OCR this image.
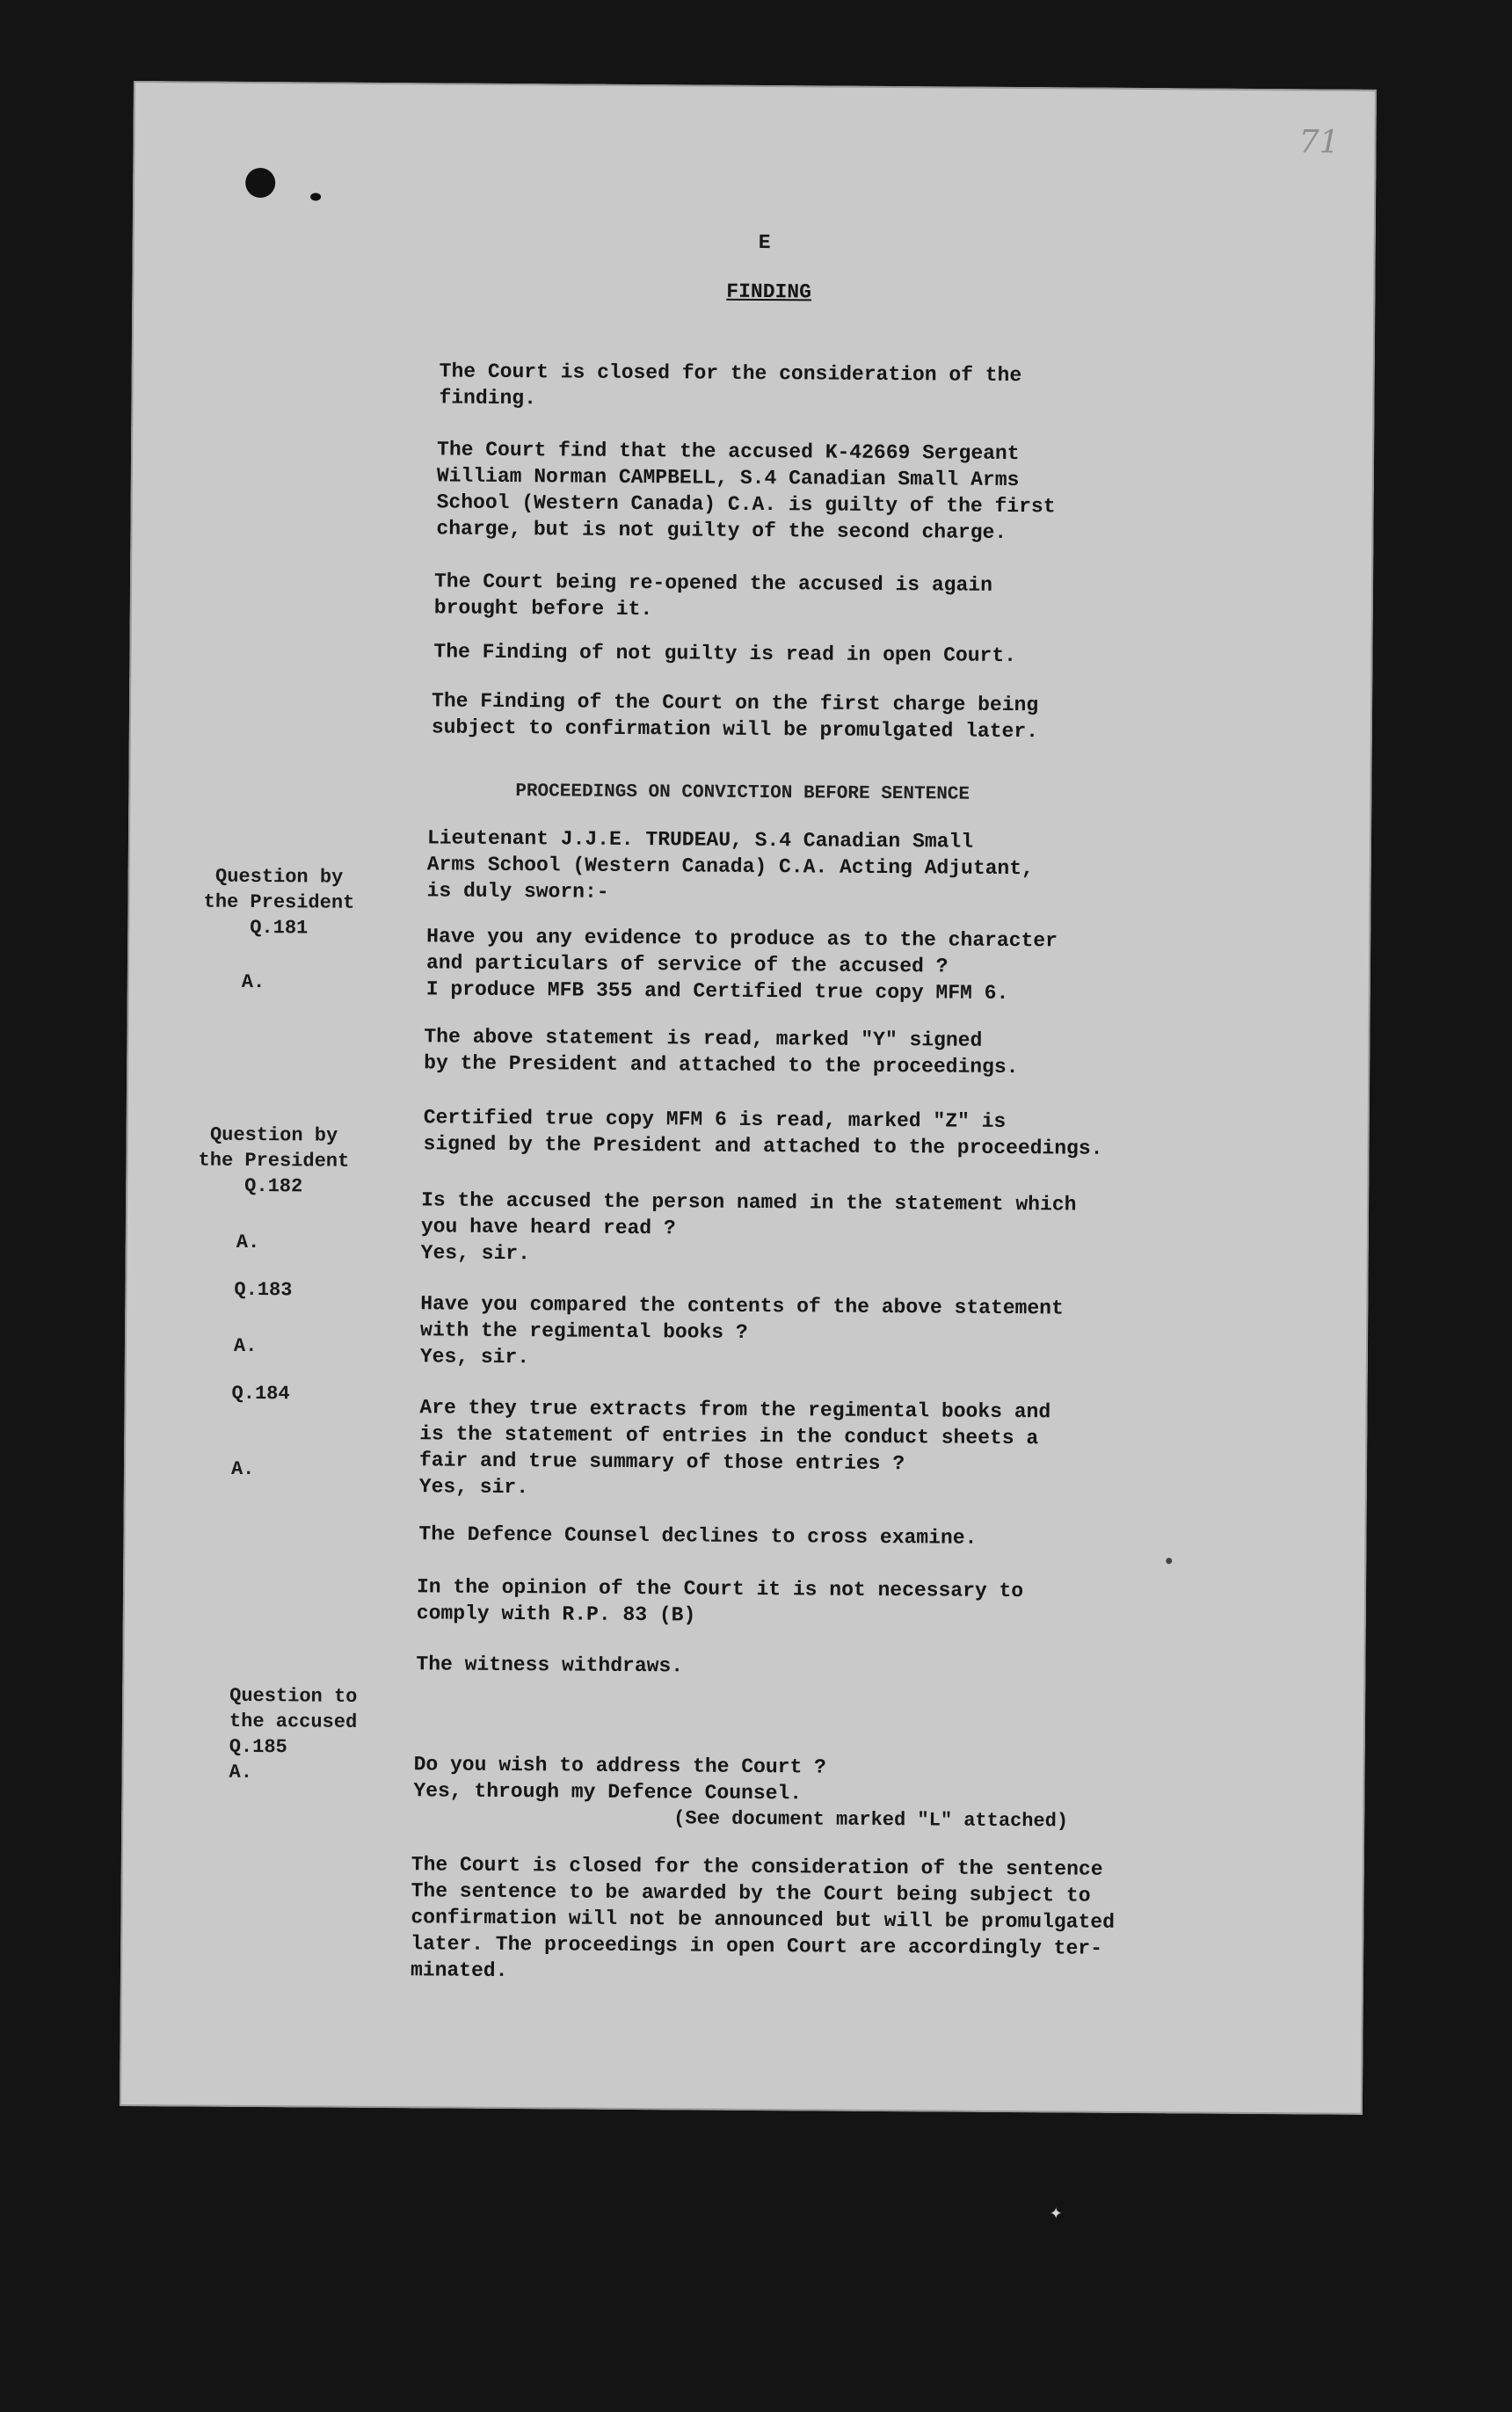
71
E
FINDING

The Court is closed for the consideration of the
finding.

The Court find that the accused K-42669 Sergeant
William Norman CAMPBELL, S.4 Canadian Small Arms
School (Western Canada) C.A. is guilty of the first
charge, but is not guilty of the second charge.

The Court being re-opened the accused is again
brought before it.

The Finding of not guilty is read in open Court.

The Finding of the Court on the first charge being
subject to confirmation will be promulgated later.

PROCEEDINGS ON CONVICTION BEFORE SENTENCE

Lieutenant J.J.E. TRUDEAU, S.4 Canadian Small
Arms School (Western Canada) C.A. Acting Adjutant,
is duly sworn:-

Have you any evidence to produce as to the character
and particulars of service of the accused ?
I produce MFB 355 and Certified true copy MFM 6.

The above statement is read, marked "Y" signed
by the President and attached to the proceedings.

Certified true copy MFM 6 is read, marked "Z" is
signed by the President and attached to the proceedings.

Is the accused the person named in the statement which
you have heard read ?
Yes, sir.

Have you compared the contents of the above statement
with the regimental books ?
Yes, sir.

Are they true extracts from the regimental books and
is the statement of entries in the conduct sheets a
fair and true summary of those entries ?
Yes, sir.

The Defence Counsel declines to cross examine.

In the opinion of the Court it is not necessary to
comply with R.P. 83 (B)

The witness withdraws.

Do you wish to address the Court ?
Yes, through my Defence Counsel.

(See document marked "L" attached)

The Court is closed for the consideration of the sentence
The sentence to be awarded by the Court being subject to
confirmation will not be announced but will be promulgated
later. The proceedings in open Court are accordingly ter-
minated.

Question by
the President
Q.181

A.

Question by
the President
Q.182

A.

Q.183

A.

Q.184

A.

Question to
the accused
Q.185
A.

✦
